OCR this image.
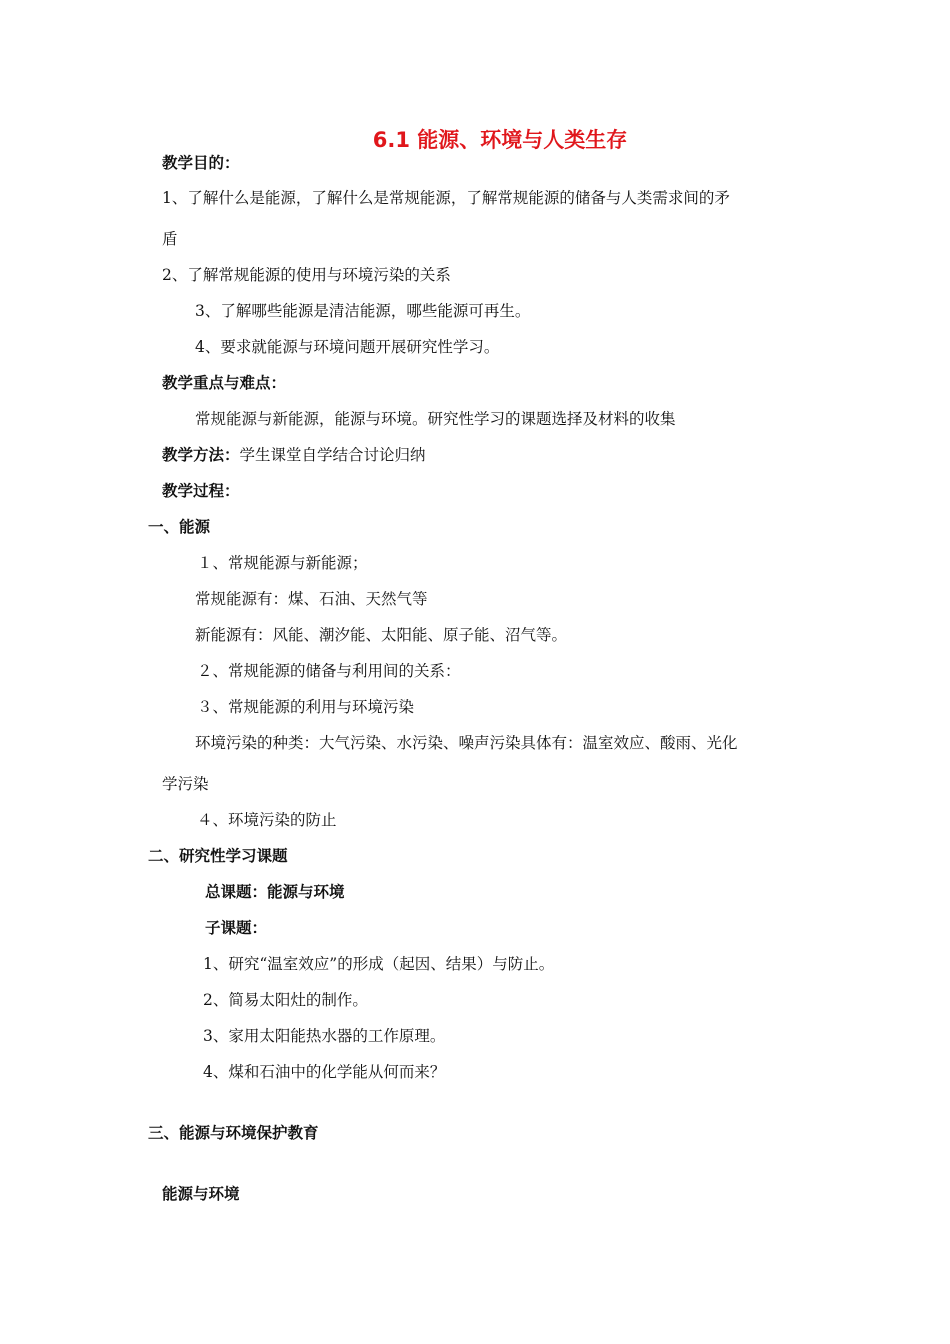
6.1 能源、环境与人类生存
教学目的：
1、了解什么是能源，了解什么是常规能源，了解常规能源的储备与人类需求间的矛
盾
2、了解常规能源的使用与环境污染的关系
3、了解哪些能源是清洁能源，哪些能源可再生。
4、要求就能源与环境问题开展研究性学习。
教学重点与难点：
常规能源与新能源，能源与环境。研究性学习的课题选择及材料的收集
教学方法：学生课堂自学结合讨论归纳
教学过程：
一、能源
１、常规能源与新能源；
常规能源有：煤、石油、天然气等
新能源有：风能、潮汐能、太阳能、原子能、沼气等。
２、常规能源的储备与利用间的关系：
３、常规能源的利用与环境污染
环境污染的种类：大气污染、水污染、噪声污染具体有：温室效应、酸雨、光化
学污染
４、环境污染的防止
二、研究性学习课题
总课题：能源与环境
子课题：
1、研究“温室效应”的形成（起因、结果）与防止。
2、简易太阳灶的制作。
3、家用太阳能热水器的工作原理。
4、煤和石油中的化学能从何而来？
三、能源与环境保护教育
能源与环境
